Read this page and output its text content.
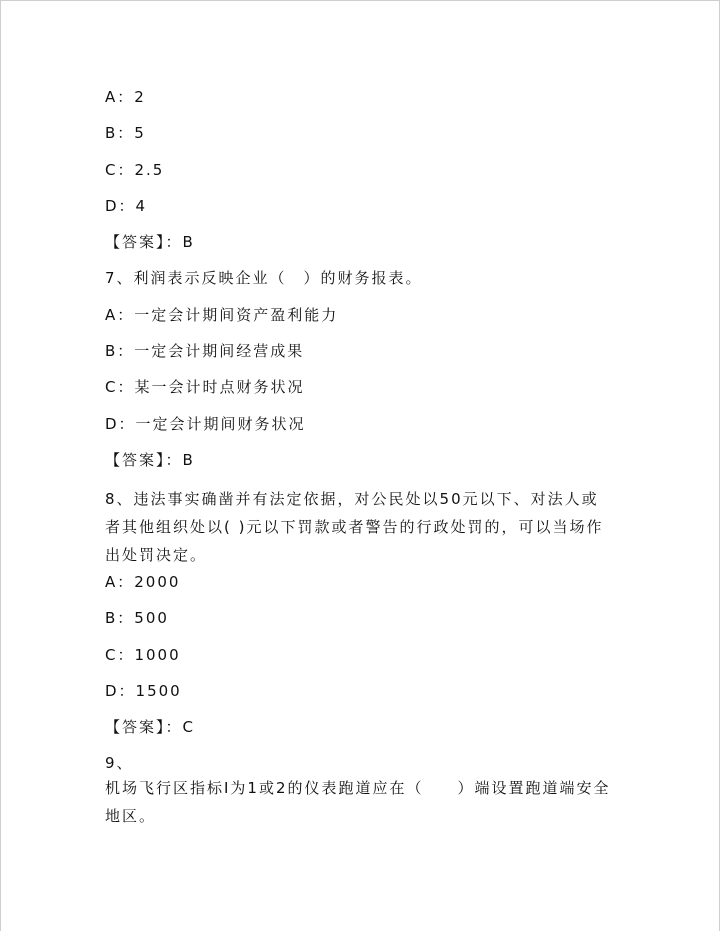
A：2
B：5
C：2.5
D：4
【答案】：B
7、利润表示反映企业（　）的财务报表。
A：一定会计期间资产盈利能力
B：一定会计期间经营成果
C：某一会计时点财务状况
D：一定会计期间财务状况
【答案】：B
8、违法事实确凿并有法定依据，对公民处以50元以下、对法人或者其他组织处以( )元以下罚款或者警告的行政处罚的，可以当场作出处罚决定。
A：2000
B：500
C：1000
D：1500
【答案】：C
9、
机场飞行区指标Ⅰ为1或2的仪表跑道应在（　　）端设置跑道端安全地区。
